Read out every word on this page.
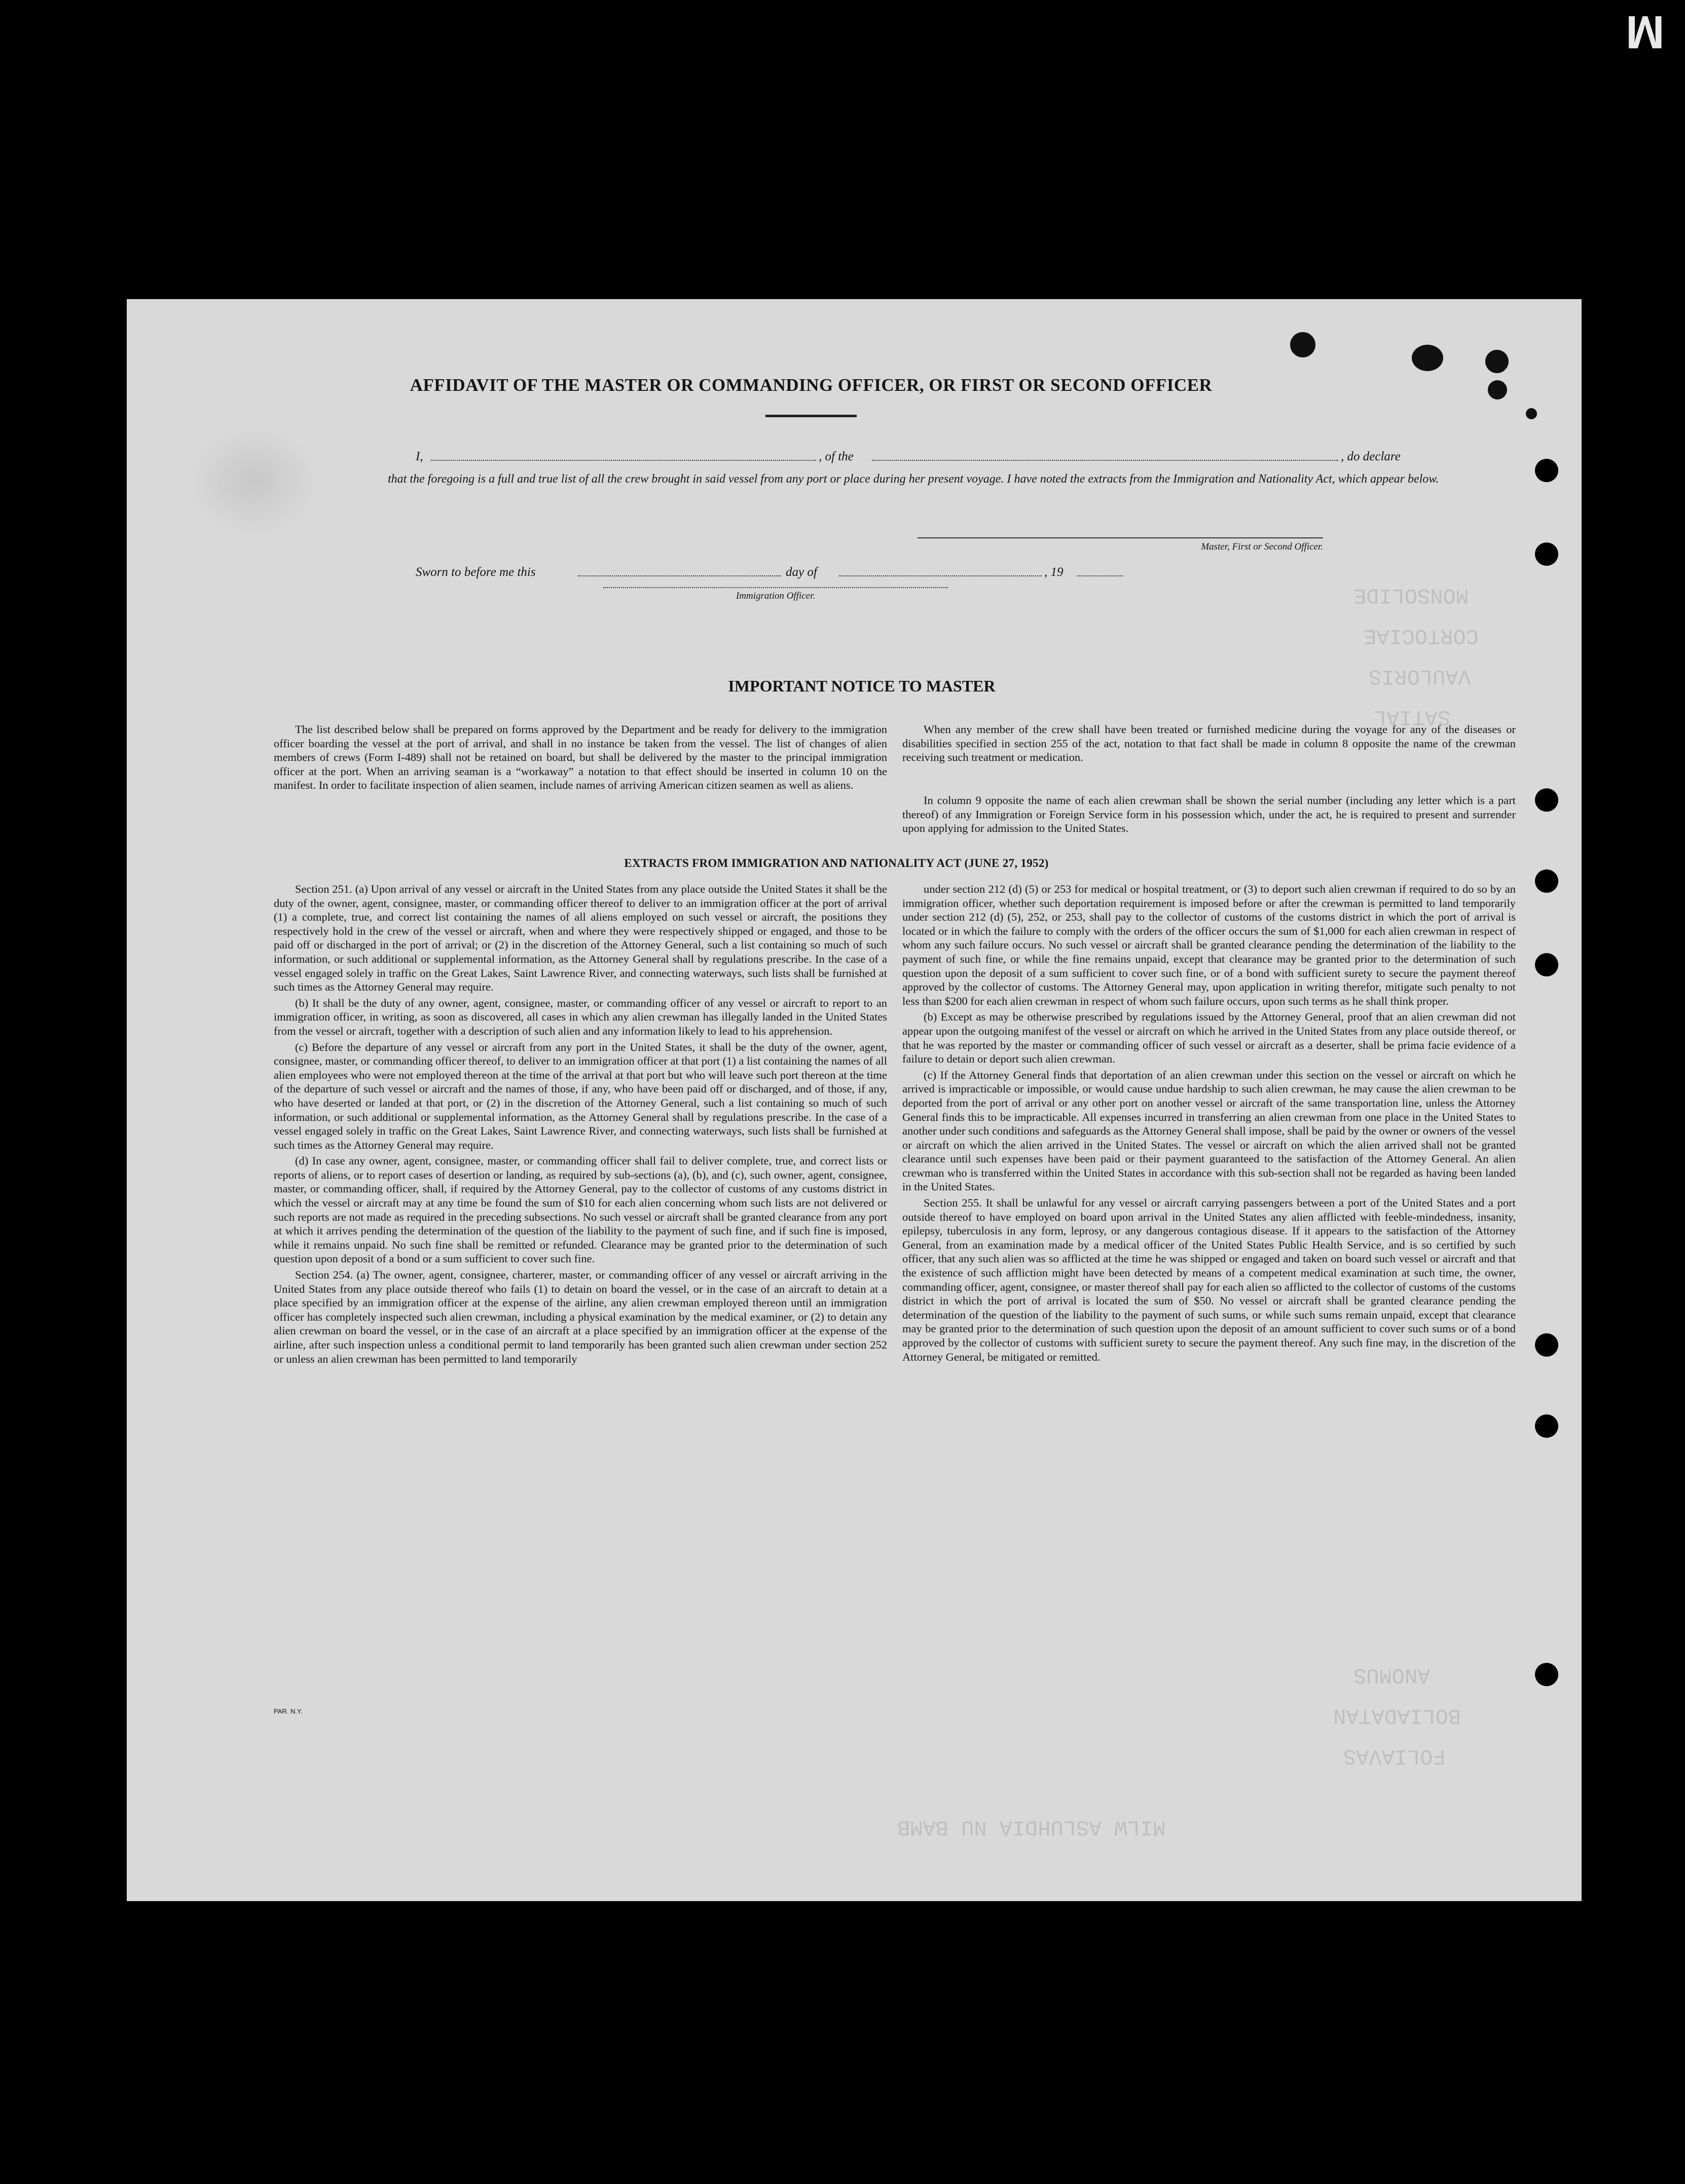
M
MONSOLIDE
CORTOCIAE
VAULORIS
SATIAL
ANOMUS
BOLIADATAN
FOLIAVAS
MILW ASLUHDIA NU BAMB
AFFIDAVIT OF THE MASTER OR COMMANDING OFFICER, OR FIRST OR SECOND OFFICER
I,	, of the	, do declare

that the foregoing is a full and true list of all the crew brought in said vessel from any port or place during her present voyage. I have noted the extracts from the Immigration and Nationality Act, which appear below.

Master, First or Second Officer.
Sworn to before me this	day of	, 19
Immigration Officer.
IMPORTANT NOTICE TO MASTER

The list described below shall be prepared on forms approved by the Department and be ready for delivery to the immigration officer boarding the vessel at the port of arrival, and shall in no instance be taken from the vessel. The list of changes of alien members of crews (Form I-489) shall not be retained on board, but shall be delivered by the master to the principal immigration officer at the port. When an arriving seaman is a “workaway” a notation to that effect should be inserted in column 10 on the manifest. In order to facilitate inspection of alien seamen, include names of arriving American citizen seamen as well as aliens.

When any member of the crew shall have been treated or furnished medicine during the voyage for any of the diseases or disabilities specified in section 255 of the act, notation to that fact shall be made in column 8 opposite the name of the crewman receiving such treatment or medication.

In column 9 opposite the name of each alien crewman shall be shown the serial number (including any letter which is a part thereof) of any Immigration or Foreign Service form in his possession which, under the act, he is required to present and surrender upon applying for admission to the United States.

EXTRACTS FROM IMMIGRATION AND NATIONALITY ACT (JUNE 27, 1952)

Section 251. (a) Upon arrival of any vessel or aircraft in the United States from any place outside the United States it shall be the duty of the owner, agent, consignee, master, or commanding officer thereof to deliver to an immigration officer at the port of arrival (1) a complete, true, and correct list containing the names of all aliens employed on such vessel or aircraft, the positions they respectively hold in the crew of the vessel or aircraft, when and where they were respectively shipped or engaged, and those to be paid off or discharged in the port of arrival; or (2) in the discretion of the Attorney General, such a list containing so much of such information, or such additional or supplemental information, as the Attorney General shall by regulations prescribe. In the case of a vessel engaged solely in traffic on the Great Lakes, Saint Lawrence River, and connecting waterways, such lists shall be furnished at such times as the Attorney General may require.

(b) It shall be the duty of any owner, agent, consignee, master, or commanding officer of any vessel or aircraft to report to an immigration officer, in writing, as soon as discovered, all cases in which any alien crewman has illegally landed in the United States from the vessel or aircraft, together with a description of such alien and any information likely to lead to his apprehension.

(c) Before the departure of any vessel or aircraft from any port in the United States, it shall be the duty of the owner, agent, consignee, master, or commanding officer thereof, to deliver to an immigration officer at that port (1) a list containing the names of all alien employees who were not employed thereon at the time of the arrival at that port but who will leave such port thereon at the time of the departure of such vessel or aircraft and the names of those, if any, who have been paid off or discharged, and of those, if any, who have deserted or landed at that port, or (2) in the discretion of the Attorney General, such a list containing so much of such information, or such additional or supplemental information, as the Attorney General shall by regulations prescribe. In the case of a vessel engaged solely in traffic on the Great Lakes, Saint Lawrence River, and connecting waterways, such lists shall be furnished at such times as the Attorney General may require.

(d) In case any owner, agent, consignee, master, or commanding officer shall fail to deliver complete, true, and correct lists or reports of aliens, or to report cases of desertion or landing, as required by sub-sections (a), (b), and (c), such owner, agent, consignee, master, or commanding officer, shall, if required by the Attorney General, pay to the collector of customs of any customs district in which the vessel or aircraft may at any time be found the sum of $10 for each alien concerning whom such lists are not delivered or such reports are not made as required in the preceding subsections. No such vessel or aircraft shall be granted clearance from any port at which it arrives pending the determination of the question of the liability to the payment of such fine, and if such fine is imposed, while it remains unpaid. No such fine shall be remitted or refunded. Clearance may be granted prior to the determination of such question upon deposit of a bond or a sum sufficient to cover such fine.

Section 254. (a) The owner, agent, consignee, charterer, master, or commanding officer of any vessel or aircraft arriving in the United States from any place outside thereof who fails (1) to detain on board the vessel, or in the case of an aircraft to detain at a place specified by an immigration officer at the expense of the airline, any alien crewman employed thereon until an immigration officer has completely inspected such alien crewman, including a physical examination by the medical examiner, or (2) to detain any alien crewman on board the vessel, or in the case of an aircraft at a place specified by an immigration officer at the expense of the airline, after such inspection unless a conditional permit to land temporarily has been granted such alien crewman under section 252 or unless an alien crewman has been permitted to land temporarily

under section 212 (d) (5) or 253 for medical or hospital treatment, or (3) to deport such alien crewman if required to do so by an immigration officer, whether such deportation requirement is imposed before or after the crewman is permitted to land temporarily under section 212 (d) (5), 252, or 253, shall pay to the collector of customs of the customs district in which the port of arrival is located or in which the failure to comply with the orders of the officer occurs the sum of $1,000 for each alien crewman in respect of whom any such failure occurs. No such vessel or aircraft shall be granted clearance pending the determination of the liability to the payment of such fine, or while the fine remains unpaid, except that clearance may be granted prior to the determination of such question upon the deposit of a sum sufficient to cover such fine, or of a bond with sufficient surety to secure the payment thereof approved by the collector of customs. The Attorney General may, upon application in writing therefor, mitigate such penalty to not less than $200 for each alien crewman in respect of whom such failure occurs, upon such terms as he shall think proper.

(b) Except as may be otherwise prescribed by regulations issued by the Attorney General, proof that an alien crewman did not appear upon the outgoing manifest of the vessel or aircraft on which he arrived in the United States from any place outside thereof, or that he was reported by the master or commanding officer of such vessel or aircraft as a deserter, shall be prima facie evidence of a failure to detain or deport such alien crewman.

(c) If the Attorney General finds that deportation of an alien crewman under this section on the vessel or aircraft on which he arrived is impracticable or impossible, or would cause undue hardship to such alien crewman, he may cause the alien crewman to be deported from the port of arrival or any other port on another vessel or aircraft of the same transportation line, unless the Attorney General finds this to be impracticable. All expenses incurred in transferring an alien crewman from one place in the United States to another under such conditions and safeguards as the Attorney General shall impose, shall be paid by the owner or owners of the vessel or aircraft on which the alien arrived in the United States. The vessel or aircraft on which the alien arrived shall not be granted clearance until such expenses have been paid or their payment guaranteed to the satisfaction of the Attorney General. An alien crewman who is transferred within the United States in accordance with this sub-section shall not be regarded as having been landed in the United States.

Section 255. It shall be unlawful for any vessel or aircraft carrying passengers between a port of the United States and a port outside thereof to have employed on board upon arrival in the United States any alien afflicted with feeble-mindedness, insanity, epilepsy, tuberculosis in any form, leprosy, or any dangerous contagious disease. If it appears to the satisfaction of the Attorney General, from an examination made by a medical officer of the United States Public Health Service, and is so certified by such officer, that any such alien was so afflicted at the time he was shipped or engaged and taken on board such vessel or aircraft and that the existence of such affliction might have been detected by means of a competent medical examination at such time, the owner, commanding officer, agent, consignee, or master thereof shall pay for each alien so afflicted to the collector of customs of the customs district in which the port of arrival is located the sum of $50. No vessel or aircraft shall be granted clearance pending the determination of the question of the liability to the payment of such sums, or while such sums remain unpaid, except that clearance may be granted prior to the determination of such question upon the deposit of an amount sufficient to cover such sums or of a bond approved by the collector of customs with sufficient surety to secure the payment thereof. Any such fine may, in the discretion of the Attorney General, be mitigated or remitted.

PAR. N.Y.
